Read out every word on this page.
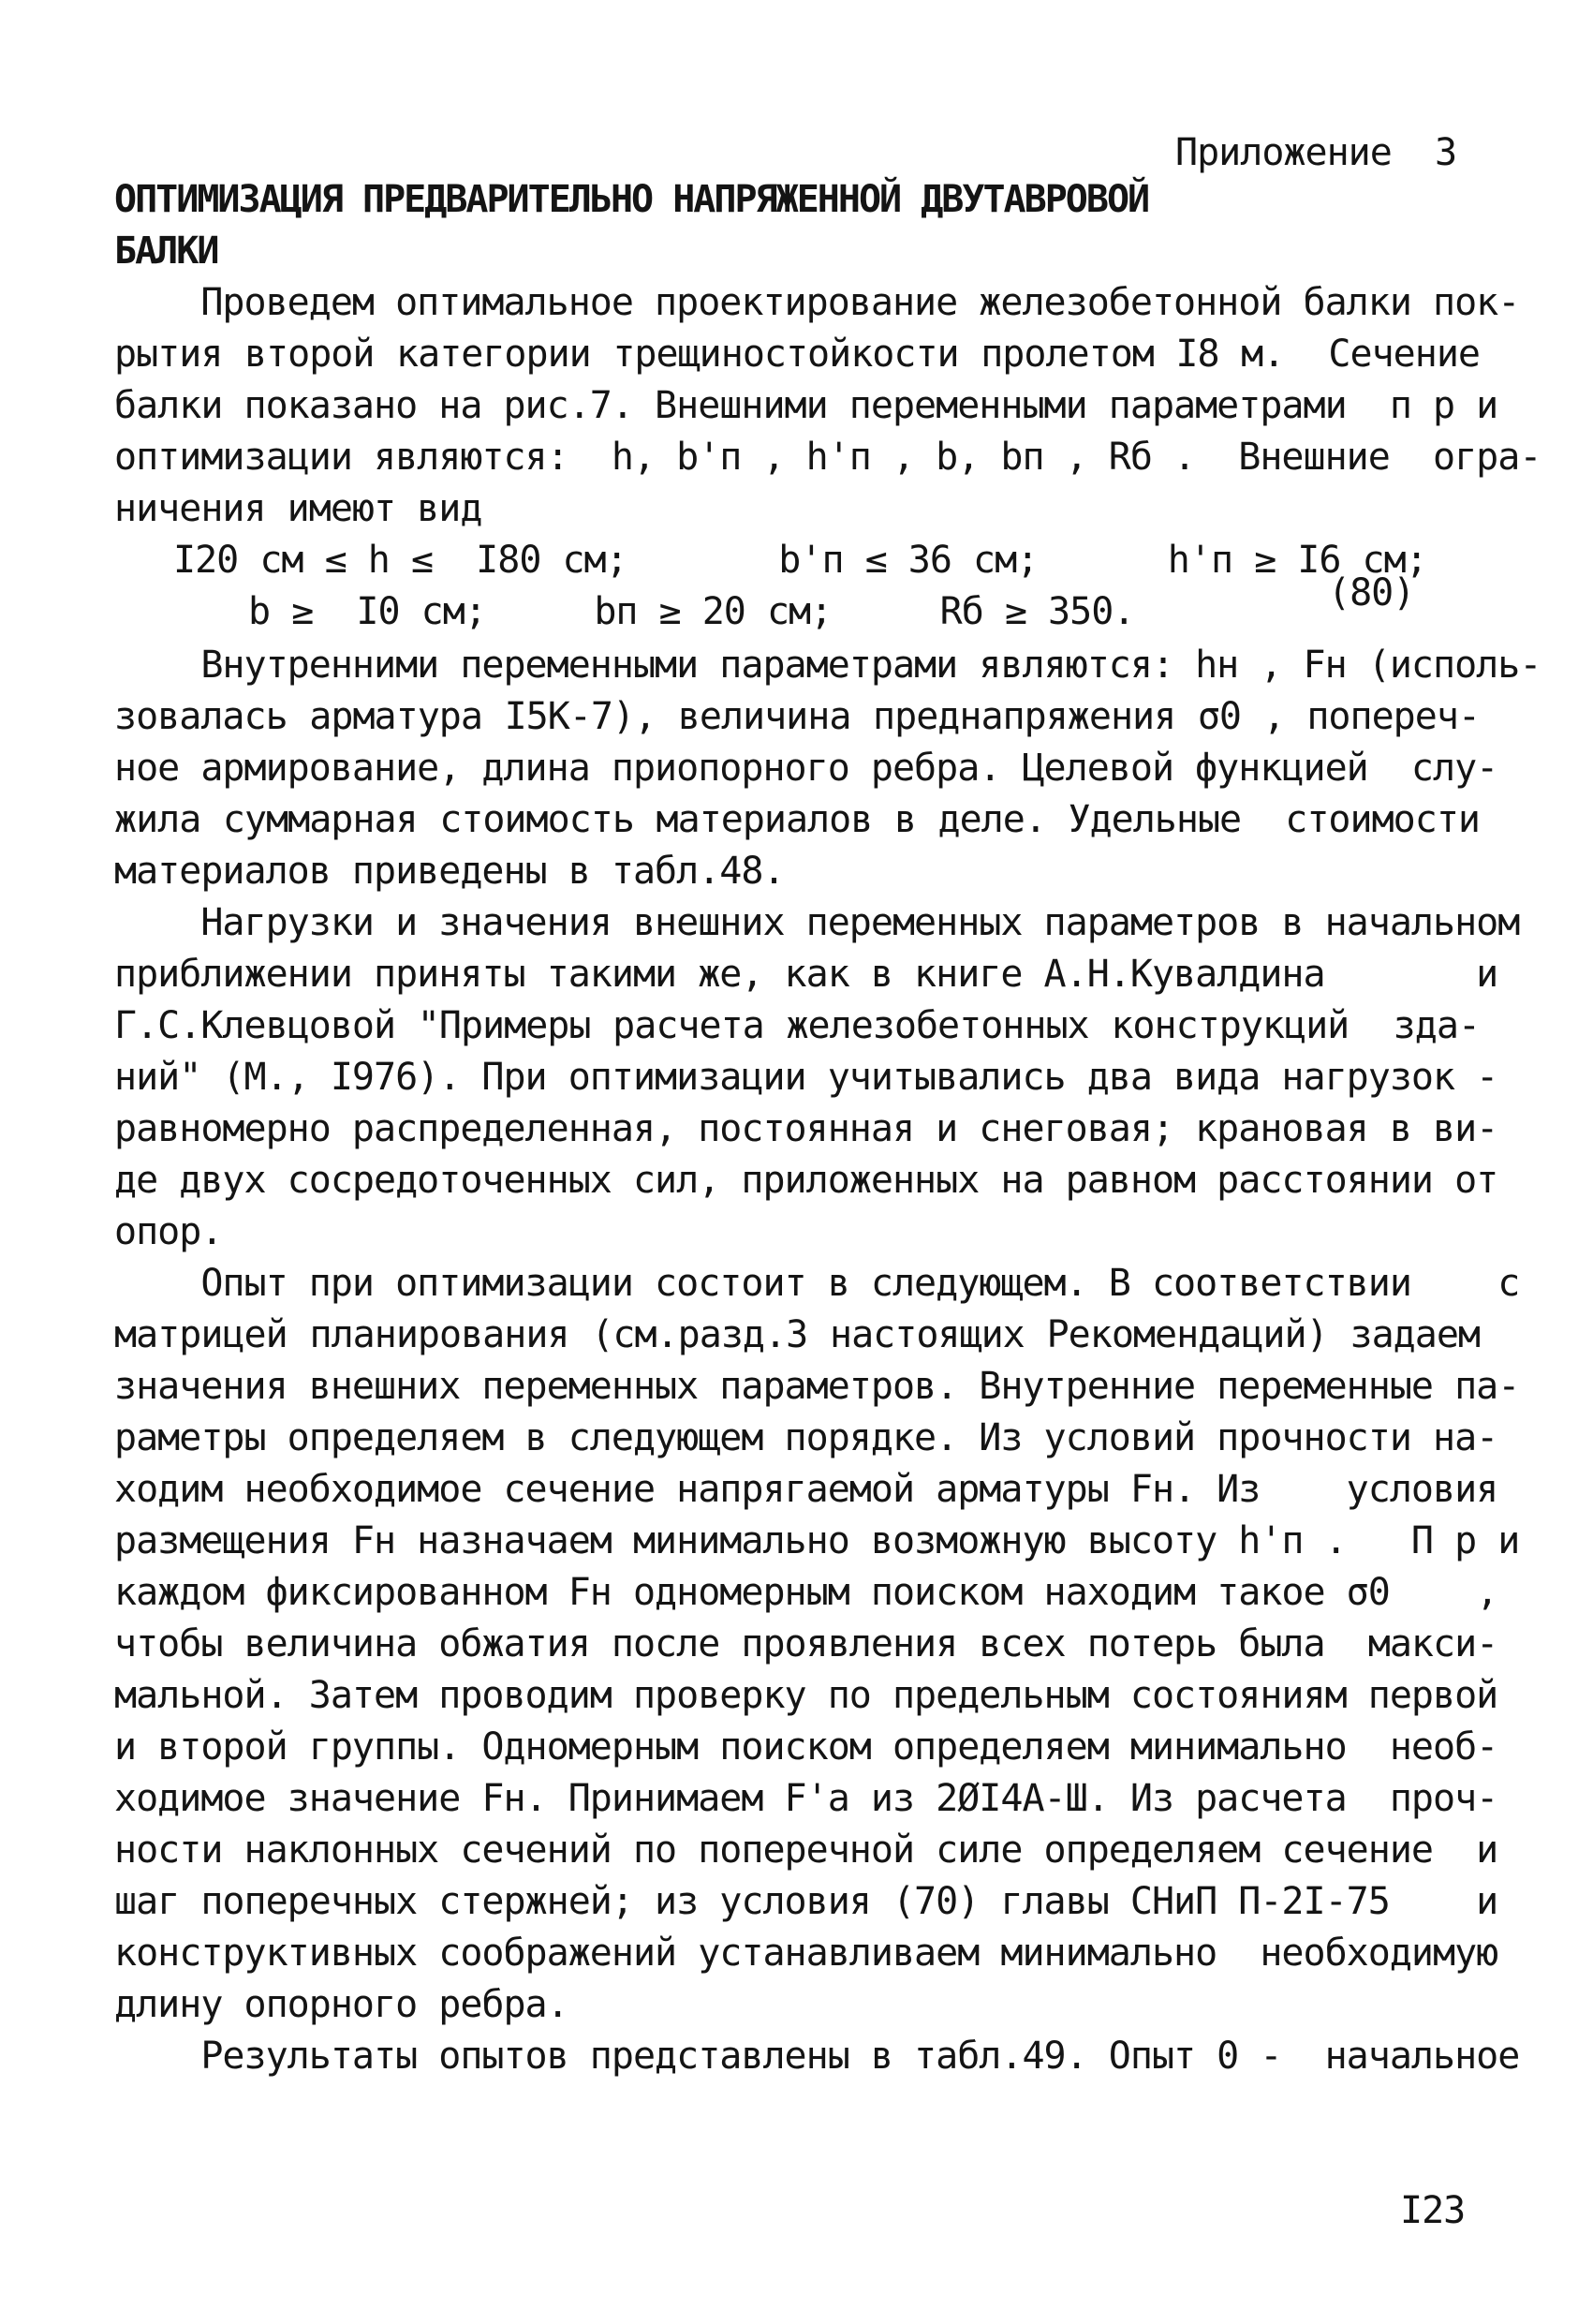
Приложение  3
ОПТИМИЗАЦИЯ ПРЕДВАРИТЕЛЬНО НАПРЯЖЕННОЙ ДВУТАВРОВОЙ
БАЛКИ
Проведем оптимальное проектирование железобетонной балки пок-
рытия второй категории трещиностойкости пролетом I8 м.  Сечение
балки показано на рис.7. Внешними переменными параметрами  п р и
оптимизации являются:  h, b'п , h'п , b, bп , Rб .  Внешние  огра-
ничения имеют вид
I20 см ≤ h ≤  I80 см;       b'п ≤ 36 см;      h'п ≥ I6 см;
b ≥  I0 см;     bп ≥ 20 см;     Rб ≥ 350.	(80)
Внутренними переменными параметрами являются: hн , Fн (исполь-
зовалась арматура I5К-7), величина преднапряжения σ0 , попереч-
ное армирование, длина приопорного ребра. Целевой функцией  слу-
жила суммарная стоимость материалов в деле. Удельные  стоимости
материалов приведены в табл.48.
Нагрузки и значения внешних переменных параметров в начальном
приближении приняты такими же, как в книге А.Н.Кувалдина       и
Г.С.Клевцовой "Примеры расчета железобетонных конструкций  зда-
ний" (М., I976). При оптимизации учитывались два вида нагрузок -
равномерно распределенная, постоянная и снеговая; крановая в ви-
де двух сосредоточенных сил, приложенных на равном расстоянии от
опор.
Опыт при оптимизации состоит в следующем. В соответствии    с
матрицей планирования (см.разд.3 настоящих Рекомендаций) задаем
значения внешних переменных параметров. Внутренние переменные па-
раметры определяем в следующем порядке. Из условий прочности на-
ходим необходимое сечение напрягаемой арматуры Fн. Из    условия
размещения Fн назначаем минимально возможную высоту h'п .   П р и
каждом фиксированном Fн одномерным поиском находим такое σ0    ,
чтобы величина обжатия после проявления всех потерь была  макси-
мальной. Затем проводим проверку по предельным состояниям первой
и второй группы. Одномерным поиском определяем минимально  необ-
ходимое значение Fн. Принимаем F'а из 2ØI4А-Ш. Из расчета  проч-
ности наклонных сечений по поперечной силе определяем сечение  и
шаг поперечных стержней; из условия (70) главы СНиП П-2I-75    и
конструктивных соображений устанавливаем минимально  необходимую
длину опорного ребра.
Результаты опытов представлены в табл.49. Опыт 0 -  начальное
I23
